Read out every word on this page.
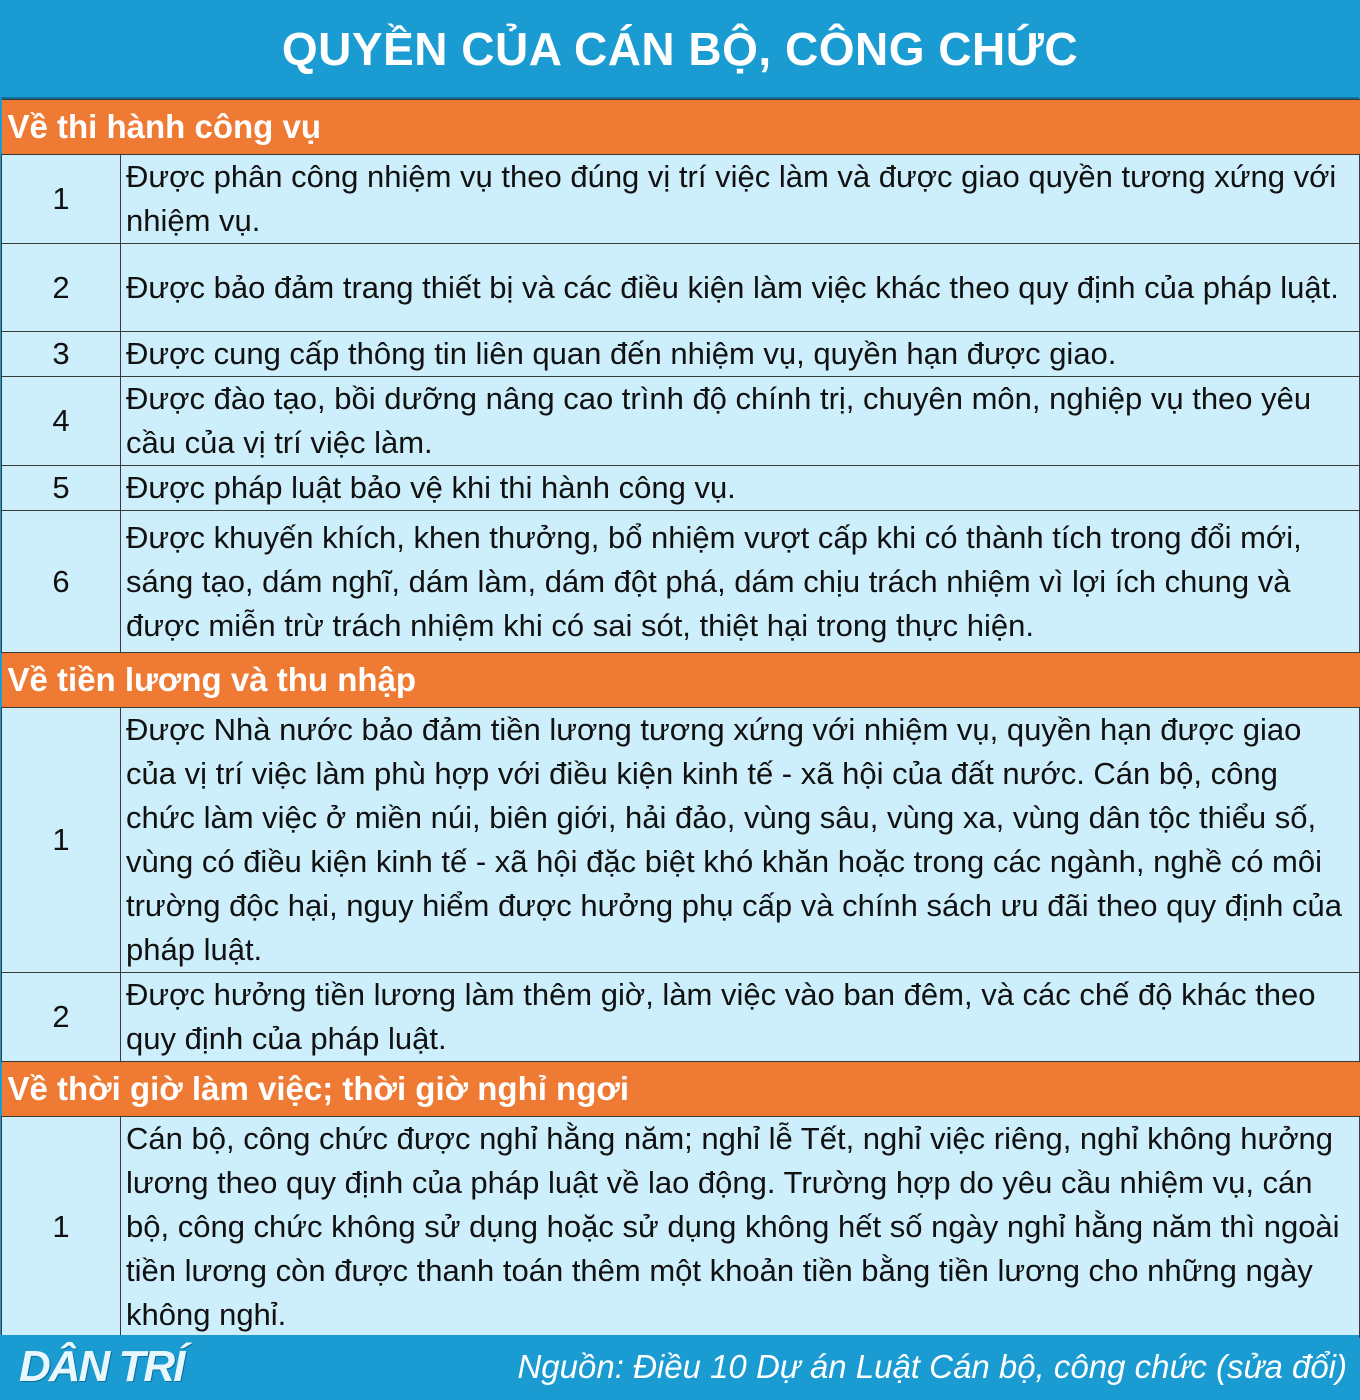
QUYỀN CỦA CÁN BỘ, CÔNG CHỨC
Về thi hành công vụ	
1	Được phân công nhiệm vụ theo đúng vị trí việc làm và được giao quyền tương xứng với nhiệm vụ.
2	Được bảo đảm trang thiết bị và các điều kiện làm việc khác theo quy định của pháp luật.
3	Được cung cấp thông tin liên quan đến nhiệm vụ, quyền hạn được giao.
4	Được đào tạo, bồi dưỡng nâng cao trình độ chính trị, chuyên môn, nghiệp vụ theo yêu cầu của vị trí việc làm.
5	Được pháp luật bảo vệ khi thi hành công vụ.
6	Được khuyến khích, khen thưởng, bổ nhiệm vượt cấp khi có thành tích trong đổi mới, sáng tạo, dám nghĩ, dám làm, dám đột phá, dám chịu trách nhiệm vì lợi ích chung và được miễn trừ trách nhiệm khi có sai sót, thiệt hại trong thực hiện.
Về tiền lương và thu nhập	
1	Được Nhà nước bảo đảm tiền lương tương xứng với nhiệm vụ, quyền hạn được giao của vị trí việc làm phù hợp với điều kiện kinh tế - xã hội của đất nước. Cán bộ, công chức làm việc ở miền núi, biên giới, hải đảo, vùng sâu, vùng xa, vùng dân tộc thiểu số, vùng có điều kiện kinh tế - xã hội đặc biệt khó khăn hoặc trong các ngành, nghề có môi trường độc hại, nguy hiểm được hưởng phụ cấp và chính sách ưu đãi theo quy định của pháp luật.
2	Được hưởng tiền lương làm thêm giờ, làm việc vào ban đêm, và các chế độ khác theo quy định của pháp luật.
Về thời giờ làm việc; thời giờ nghỉ ngơi	
1	Cán bộ, công chức được nghỉ hằng năm; nghỉ lễ Tết, nghỉ việc riêng, nghỉ không hưởng lương theo quy định của pháp luật về lao động. Trường hợp do yêu cầu nhiệm vụ, cán bộ, công chức không sử dụng hoặc sử dụng không hết số ngày nghỉ hằng năm thì ngoài tiền lương còn được thanh toán thêm một khoản tiền bằng tiền lương cho những ngày không nghỉ.
DÂN TRÍ	Nguồn: Điều 10 Dự án Luật Cán bộ, công chức (sửa đổi)
